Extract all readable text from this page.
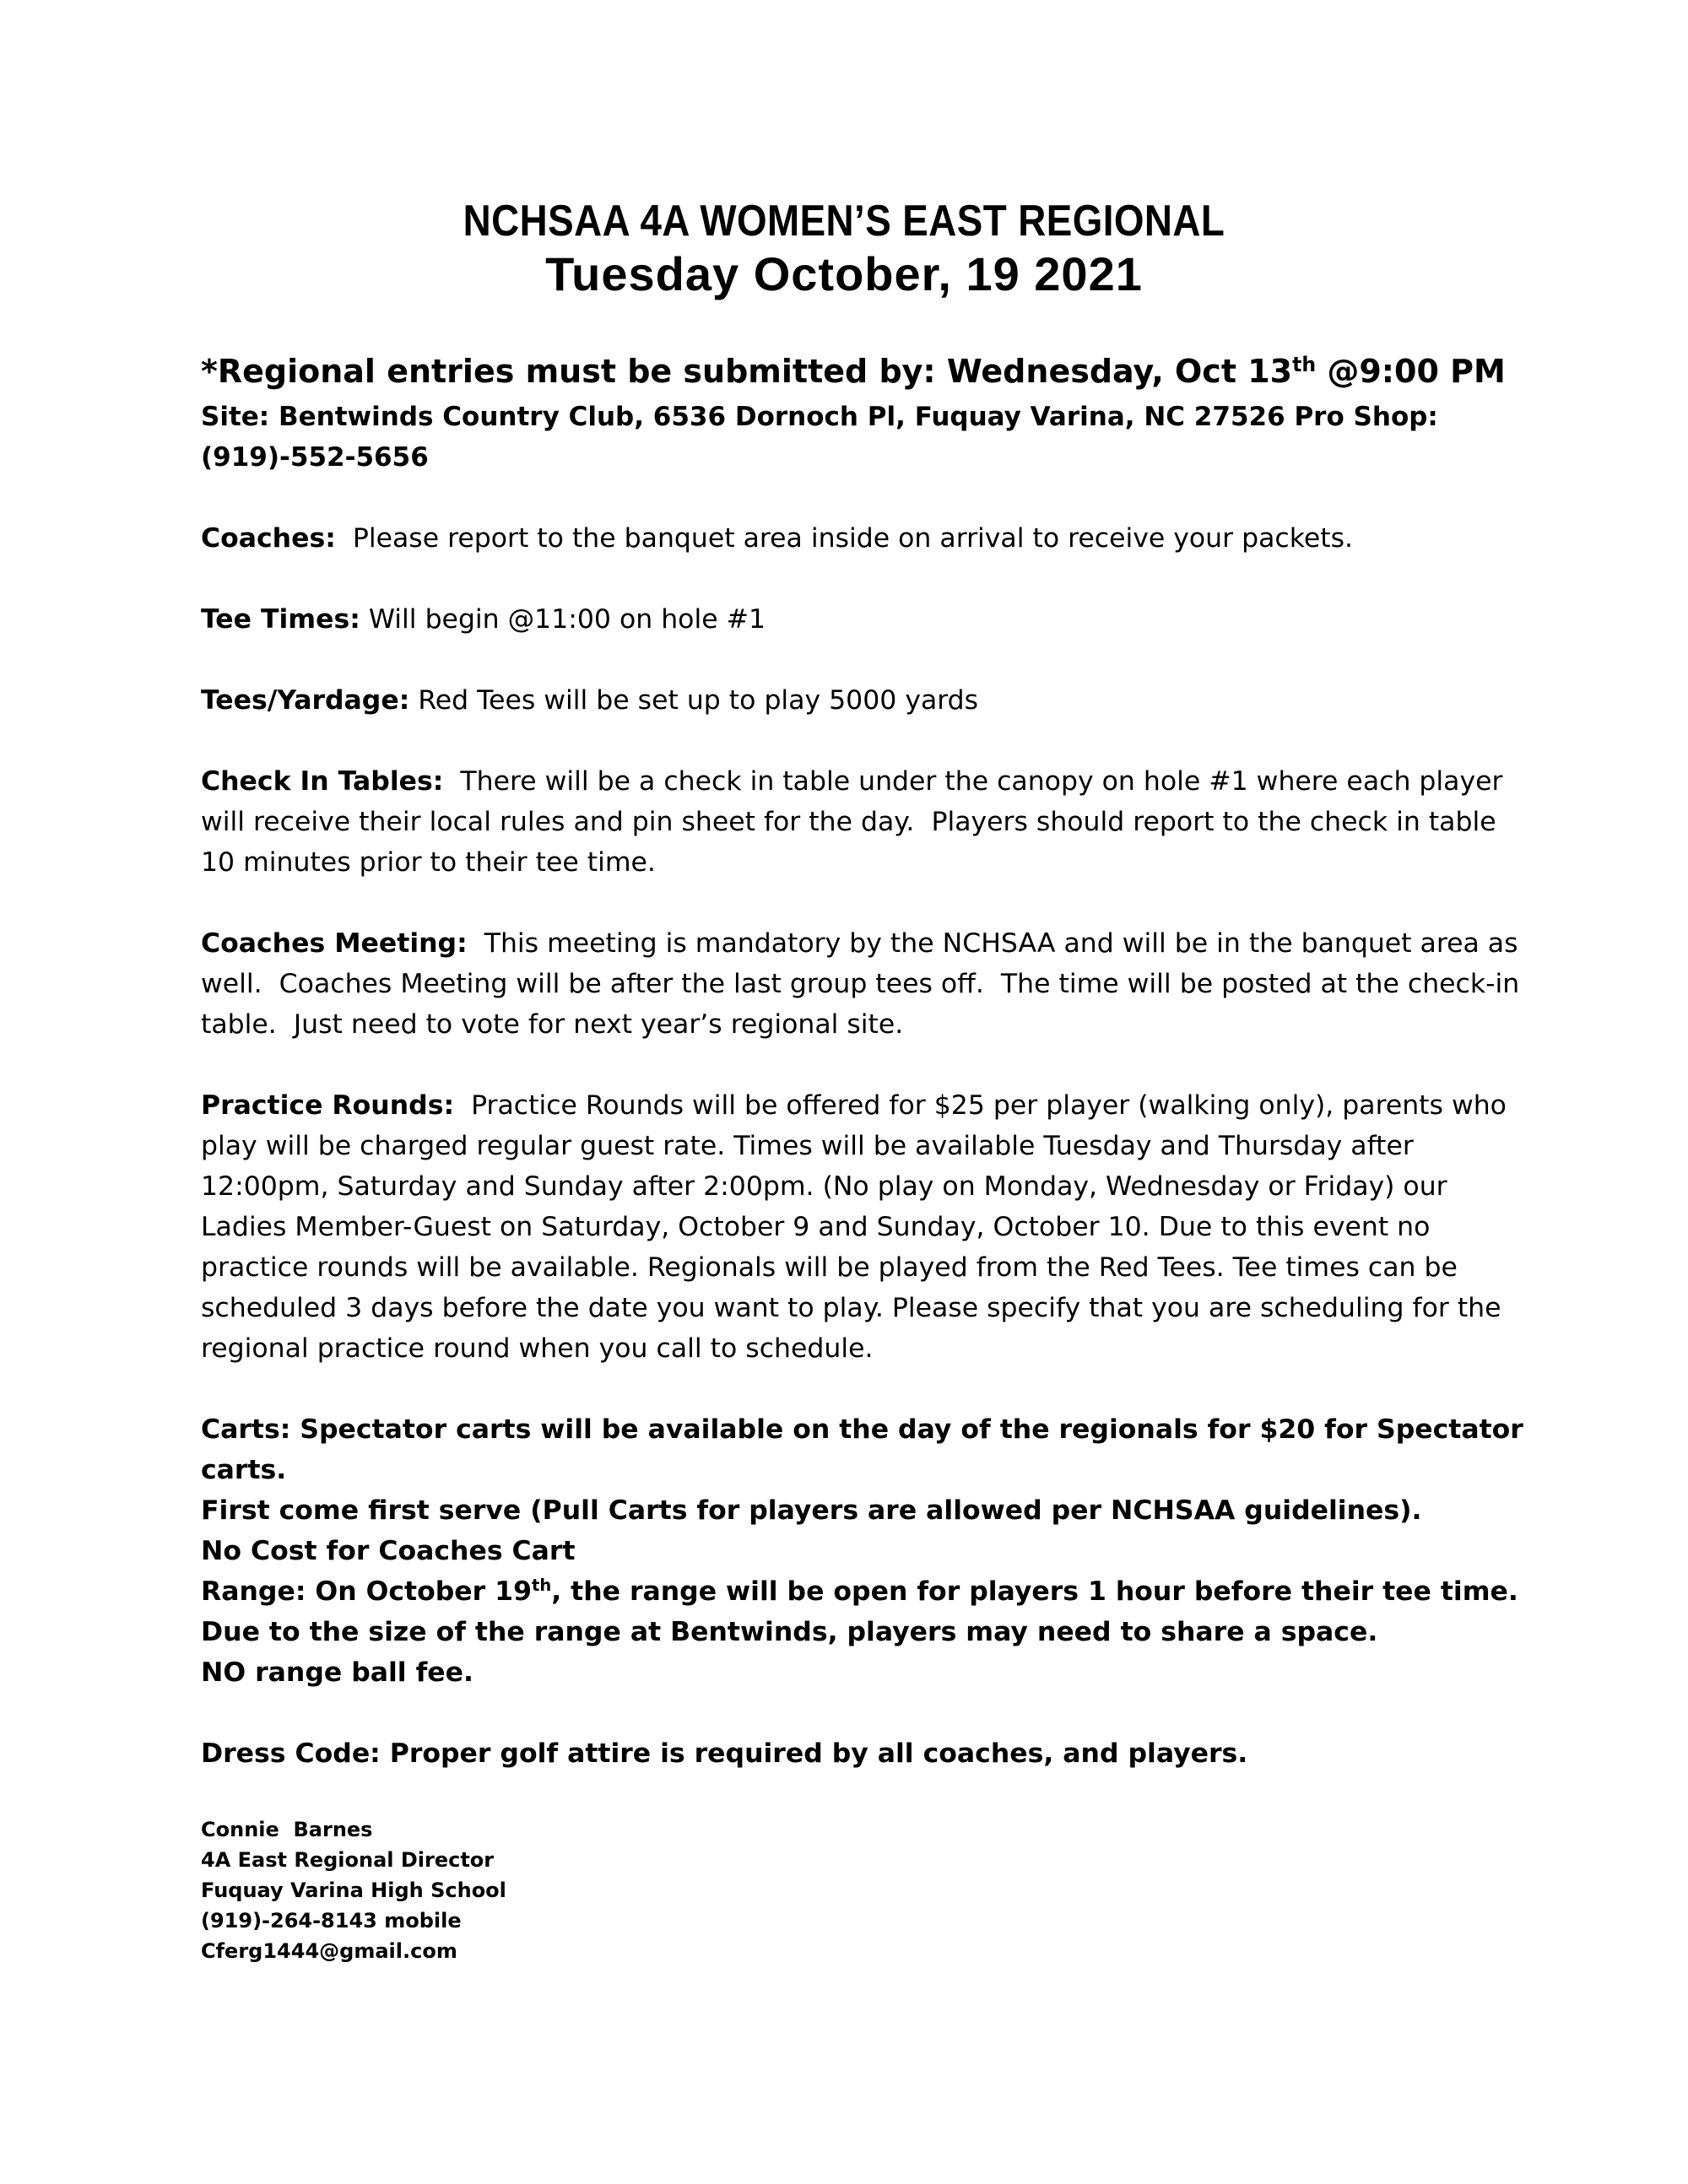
NCHSAA 4A WOMEN’S EAST REGIONAL
Tuesday October, 19 2021
*Regional entries must be submitted by: Wednesday, Oct 13th @9:00 PM
Site: Bentwinds Country Club, 6536 Dornoch Pl, Fuquay Varina, NC 27526 Pro Shop: (919)-552-5656
Coaches:  Please report to the banquet area inside on arrival to receive your packets.
Tee Times: Will begin @11:00 on hole #1
Tees/Yardage: Red Tees will be set up to play 5000 yards
Check In Tables:  There will be a check in table under the canopy on hole #1 where each player will receive their local rules and pin sheet for the day.  Players should report to the check in table 10 minutes prior to their tee time.
Coaches Meeting:  This meeting is mandatory by the NCHSAA and will be in the banquet area as well.  Coaches Meeting will be after the last group tees off.  The time will be posted at the check-in table.  Just need to vote for next year’s regional site.
Practice Rounds:  Practice Rounds will be offered for $25 per player (walking only), parents who play will be charged regular guest rate. Times will be available Tuesday and Thursday after 12:00pm, Saturday and Sunday after 2:00pm. (No play on Monday, Wednesday or Friday) our Ladies Member-Guest on Saturday, October 9 and Sunday, October 10. Due to this event no practice rounds will be available. Regionals will be played from the Red Tees. Tee times can be scheduled 3 days before the date you want to play. Please specify that you are scheduling for the regional practice round when you call to schedule.
Carts: Spectator carts will be available on the day of the regionals for $20 for Spectator carts.
First come first serve (Pull Carts for players are allowed per NCHSAA guidelines).
No Cost for Coaches Cart
Range: On October 19th, the range will be open for players 1 hour before their tee time. Due to the size of the range at Bentwinds, players may need to share a space.
NO range ball fee.
Dress Code: Proper golf attire is required by all coaches, and players.
Connie  Barnes
4A East Regional Director
Fuquay Varina High School
(919)-264-8143 mobile
Cferg1444@gmail.com
